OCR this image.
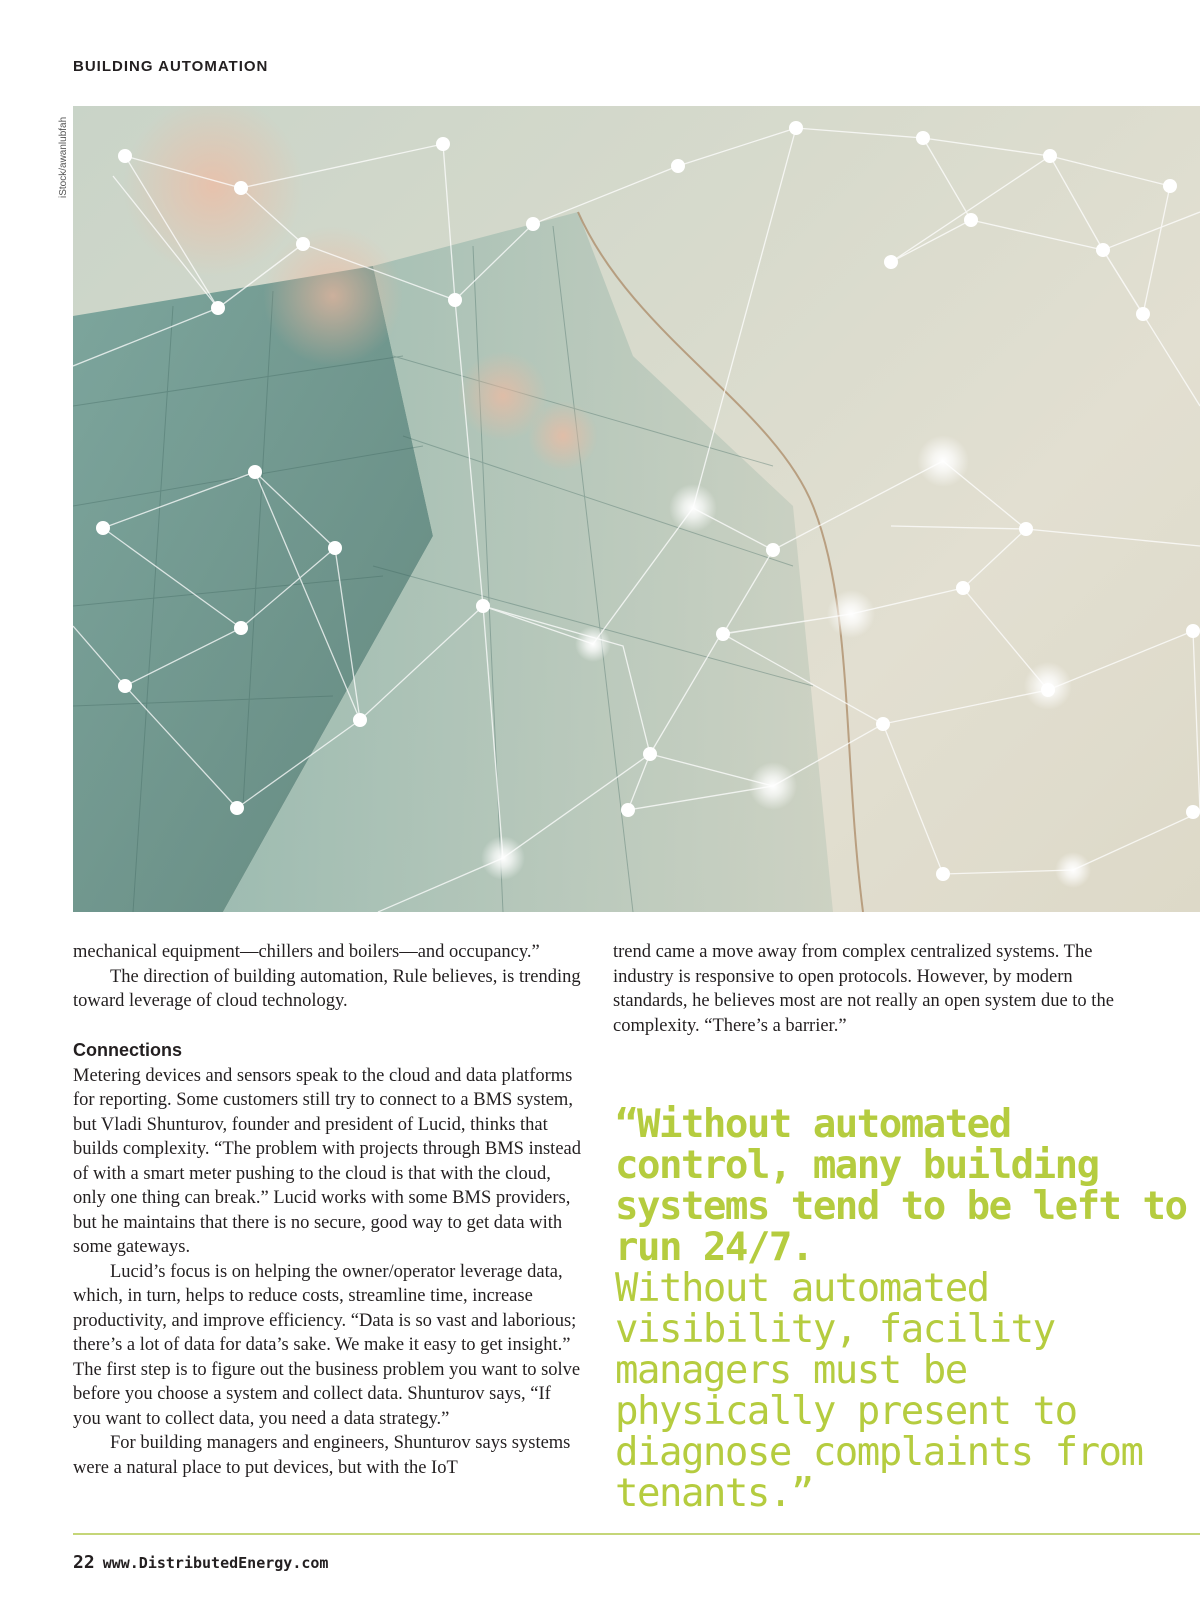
BUILDING AUTOMATION
iStock/awanlubfah

mechanical equipment—chillers and boilers—and occupancy.”

The direction of building automation, Rule believes, is trending toward leverage of cloud technology.

Connections

Metering devices and sensors speak to the cloud and data platforms for reporting. Some customers still try to connect to a BMS system, but Vladi Shunturov, founder and president of Lucid, thinks that builds complexity. “The problem with projects through BMS instead of with a smart meter pushing to the cloud is that with the cloud, only one thing can break.” Lucid works with some BMS providers, but he maintains that there is no secure, good way to get data with some gateways.

Lucid’s focus is on helping the owner/operator leverage data, which, in turn, helps to reduce costs, streamline time, increase productivity, and improve efficiency. “Data is so vast and laborious; there’s a lot of data for data’s sake. We make it easy to get insight.” The first step is to figure out the business problem you want to solve before you choose a system and collect data. Shunturov says, “If you want to collect data, you need a data strategy.”

For building managers and engineers, Shunturov says systems were a natural place to put devices, but with the IoT

trend came a move away from complex centralized systems. The industry is responsive to open protocols. However, by modern standards, he believes most are not really an open system due to the complexity. “There’s a barrier.”

“Without automated control, many building systems tend to be left to run 24/7.
Without automated visibility, facility managers must be physically present to diagnose complaints from tenants.”
22 www.DistributedEnergy.com
